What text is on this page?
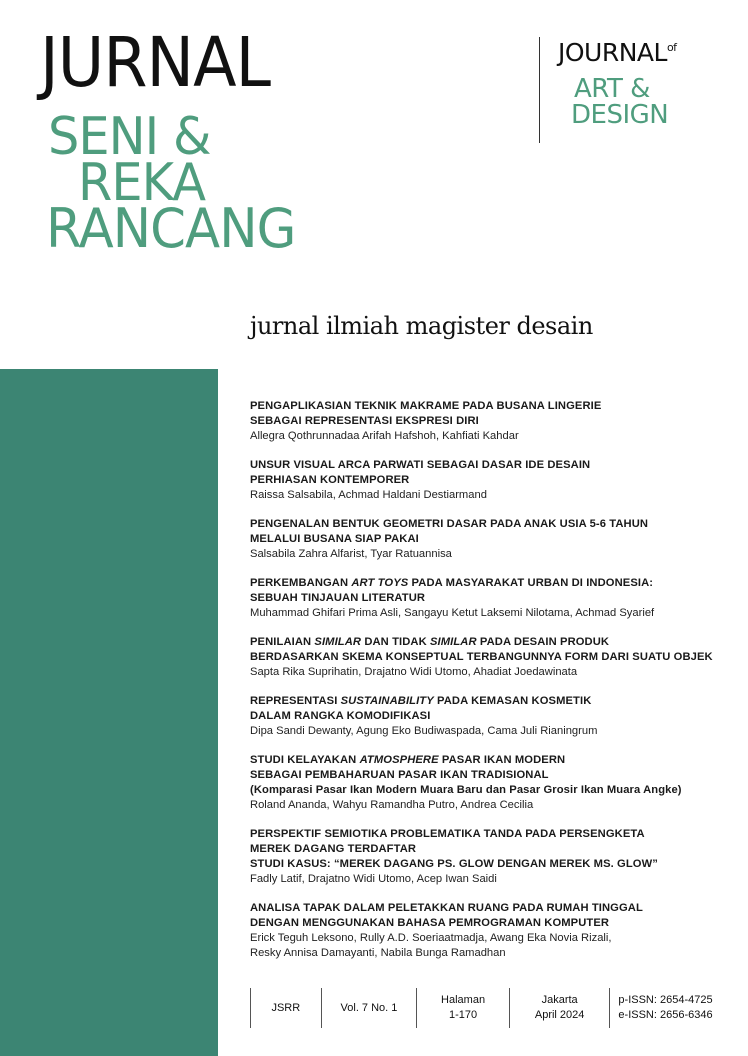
JURNAL
SENI &
REKA
RANCANG
$JOURNAL^{of}$
ART &
DESIGN
jurnal ilmiah magister desain
PENGAPLIKASIAN TEKNIK MAKRAME PADA BUSANA LINGERIE
SEBAGAI REPRESENTASI EKSPRESI DIRI
Allegra Qothrunnadaa Arifah Hafshoh, Kahfiati Kahdar
UNSUR VISUAL ARCA PARWATI SEBAGAI DASAR IDE DESAIN
PERHIASAN KONTEMPORER
Raissa Salsabila, Achmad Haldani Destiarmand
PENGENALAN BENTUK GEOMETRI DASAR PADA ANAK USIA 5-6 TAHUN
MELALUI BUSANA SIAP PAKAI
Salsabila Zahra Alfarist, Tyar Ratuannisa
PERKEMBANGAN ART TOYS PADA MASYARAKAT URBAN DI INDONESIA:
SEBUAH TINJAUAN LITERATUR
Muhammad Ghifari Prima Asli, Sangayu Ketut Laksemi Nilotama, Achmad Syarief
PENILAIAN SIMILAR DAN TIDAK SIMILAR PADA DESAIN PRODUK
BERDASARKAN SKEMA KONSEPTUAL TERBANGUNNYA FORM DARI SUATU OBJEK
Sapta Rika Suprihatin, Drajatno Widi Utomo, Ahadiat Joedawinata
REPRESENTASI SUSTAINABILITY PADA KEMASAN KOSMETIK
DALAM RANGKA KOMODIFIKASI
Dipa Sandi Dewanty, Agung Eko Budiwaspada, Cama Juli Rianingrum
STUDI KELAYAKAN ATMOSPHERE PASAR IKAN MODERN
SEBAGAI PEMBAHARUAN PASAR IKAN TRADISIONAL
(Komparasi Pasar Ikan Modern Muara Baru dan Pasar Grosir Ikan Muara Angke)
Roland Ananda, Wahyu Ramandha Putro, Andrea Cecilia
PERSPEKTIF SEMIOTIKA PROBLEMATIKA TANDA PADA PERSENGKETA
MEREK DAGANG TERDAFTAR
STUDI KASUS: “MEREK DAGANG PS. GLOW DENGAN MEREK MS. GLOW”
Fadly Latif, Drajatno Widi Utomo, Acep Iwan Saidi
ANALISA TAPAK DALAM PELETAKKAN RUANG PADA RUMAH TINGGAL
DENGAN MENGGUNAKAN BAHASA PEMROGRAMAN KOMPUTER
Erick Teguh Leksono, Rully A.D. Soeriaatmadja, Awang Eka Novia Rizali,
Resky Annisa Damayanti, Nabila Bunga Ramadhan
JSRR	Vol. 7 No. 1
Halaman
1-170
Jakarta
April 2024
p-ISSN: 2654-4725
e-ISSN: 2656-6346
